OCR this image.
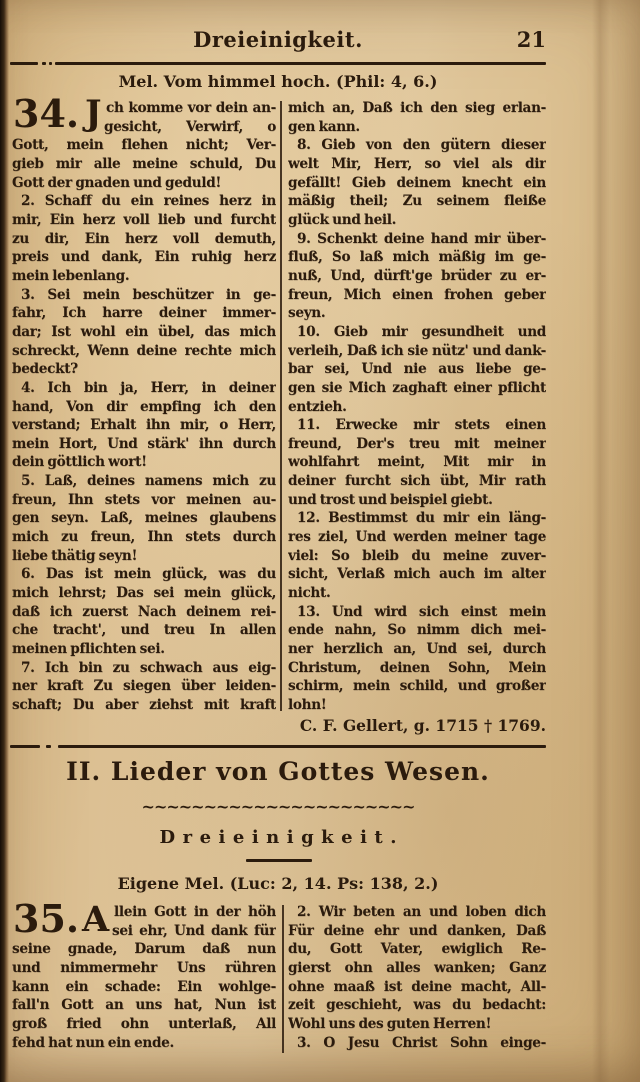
Dreieinigkeit.	21
Mel. Vom himmel hoch. (Phil: 4, 6.)
34. J ch komme vor dein an-
gesicht, Verwirf, o
Gott, mein flehen nicht; Ver-
gieb mir alle meine schuld, Du
Gott der gnaden und geduld!
2. Schaff du ein reines herz in
mir, Ein herz voll lieb und furcht
zu dir, Ein herz voll demuth,
preis und dank, Ein ruhig herz
mein lebenlang.
3. Sei mein beschützer in ge-
fahr, Ich harre deiner immer-
dar; Ist wohl ein übel, das mich
schreckt, Wenn deine rechte mich
bedeckt?
4. Ich bin ja, Herr, in deiner
hand, Von dir empfing ich den
verstand; Erhalt ihn mir, o Herr,
mein Hort, Und stärk' ihn durch
dein göttlich wort!
5. Laß, deines namens mich zu
freun, Ihn stets vor meinen au-
gen seyn. Laß, meines glaubens
mich zu freun, Ihn stets durch
liebe thätig seyn!
6. Das ist mein glück, was du
mich lehrst; Das sei mein glück,
daß ich zuerst Nach deinem rei-
che tracht', und treu In allen
meinen pflichten sei.
7. Ich bin zu schwach aus eig-
ner kraft Zu siegen über leiden-
schaft; Du aber ziehst mit kraft
mich an, Daß ich den sieg erlan-
gen kann.
8. Gieb von den gütern dieser
welt Mir, Herr, so viel als dir
gefällt! Gieb deinem knecht ein
mäßig theil; Zu seinem fleiße
glück und heil.
9. Schenkt deine hand mir über-
fluß, So laß mich mäßig im ge-
nuß, Und, dürft'ge brüder zu er-
freun, Mich einen frohen geber
seyn.
10. Gieb mir gesundheit und
verleih, Daß ich sie nütz' und dank-
bar sei, Und nie aus liebe ge-
gen sie Mich zaghaft einer pflicht
entzieh.
11. Erwecke mir stets einen
freund, Der's treu mit meiner
wohlfahrt meint, Mit mir in
deiner furcht sich übt, Mir rath
und trost und beispiel giebt.
12. Bestimmst du mir ein läng-
res ziel, Und werden meiner tage
viel: So bleib du meine zuver-
sicht, Verlaß mich auch im alter
nicht.
13. Und wird sich einst mein
ende nahn, So nimm dich mei-
ner herzlich an, Und sei, durch
Christum, deinen Sohn, Mein
schirm, mein schild, und großer
lohn!
C. F. Gellert, g. 1715 † 1769.
II. Lieder von Gottes Wesen.
~~~~~~~~~~~~~~~~~~~~~~
Dreieinigkeit.
Eigene Mel. (Luc: 2, 14. Ps: 138, 2.)
35. A llein Gott in der höh
sei ehr, Und dank für
seine gnade, Darum daß nun
und nimmermehr Uns rühren
kann ein schade: Ein wohlge-
fall'n Gott an uns hat, Nun ist
groß fried ohn unterlaß, All
fehd hat nun ein ende.
2. Wir beten an und loben dich
Für deine ehr und danken, Daß
du, Gott Vater, ewiglich Re-
gierst ohn alles wanken; Ganz
ohne maaß ist deine macht, All-
zeit geschieht, was du bedacht:
Wohl uns des guten Herren!
3. O Jesu Christ Sohn einge-
